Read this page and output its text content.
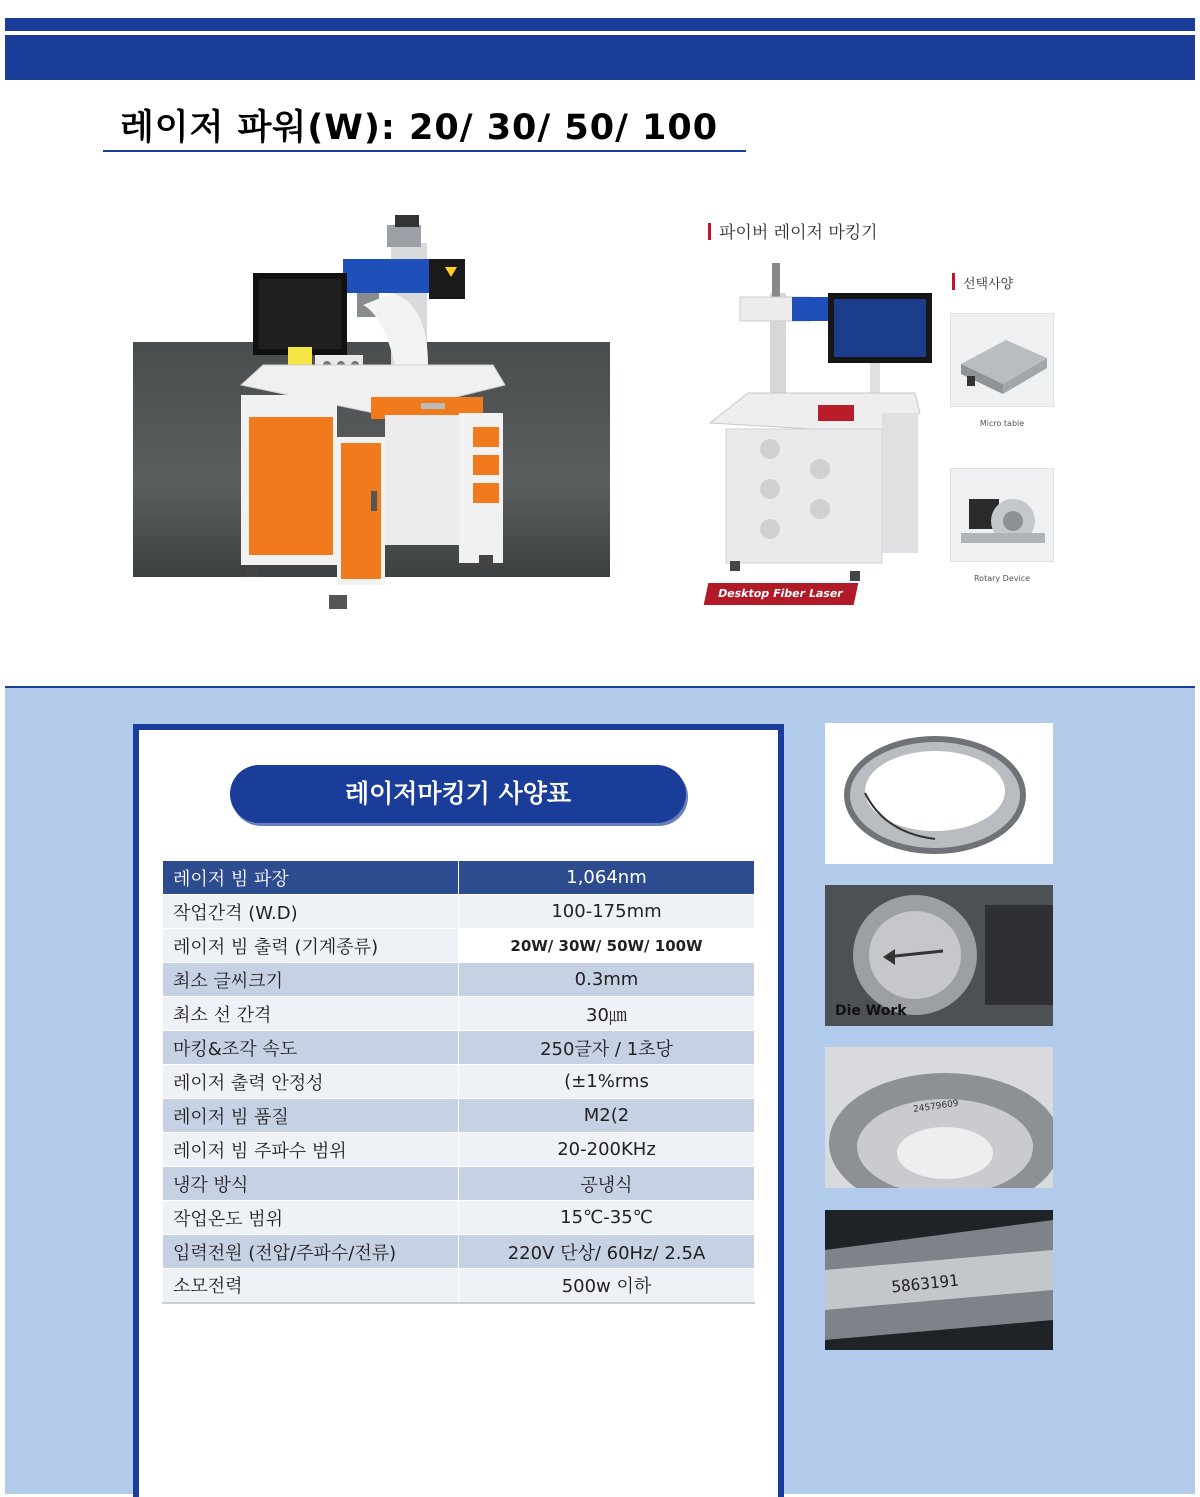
레이저 파워(W): 20/ 30/ 50/ 100
파이버 레이저 마킹기
선택사양
Micro table
Rotary Device
Desktop Fiber Laser
레이저마킹기 사양표
레이저 빔 파장	1,064nm
작업간격 (W.D)	100-175mm
레이저 빔 출력 (기계종류)	20W/ 30W/ 50W/ 100W
최소 글씨크기	0.3mm
최소 선 간격	30㎛
마킹&조각 속도	250글자 / 1초당
레이저 출력 안정성	(±1%rms
레이저 빔 품질	M2(2
레이저 빔 주파수 범위	20-200KHz
냉각 방식	공냉식
작업온도 범위	15℃-35℃
입력전원 (전압/주파수/전류)	220V 단상/ 60Hz/ 2.5A
소모전력	500w 이하
Die Work
24579609
5863191
